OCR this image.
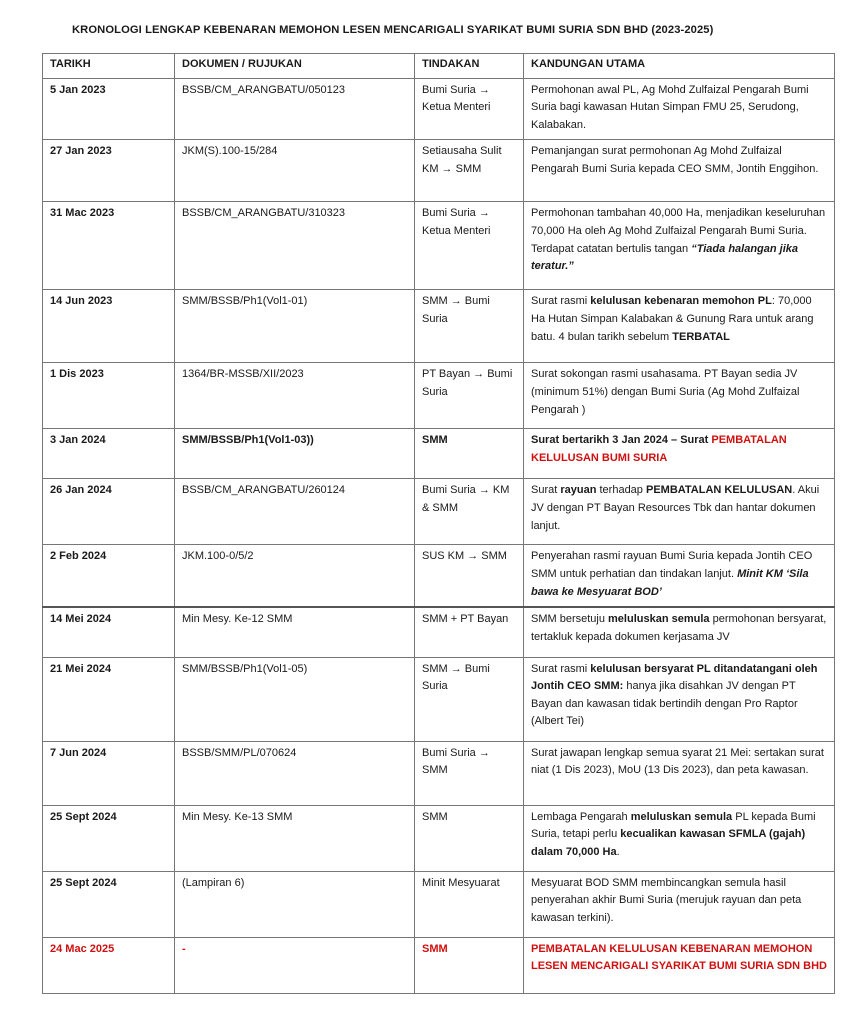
KRONOLOGI LENGKAP KEBENARAN MEMOHON LESEN MENCARIGALI SYARIKAT BUMI SURIA SDN BHD (2023-2025)
TARIKH	DOKUMEN / RUJUKAN	TINDAKAN	KANDUNGAN UTAMA
5 Jan 2023	BSSB/CM_ARANGBATU/050123	Bumi Suria → Ketua Menteri	Permohonan awal PL, Ag Mohd Zulfaizal Pengarah Bumi Suria bagi kawasan Hutan Simpan FMU 25, Serudong, Kalabakan.
27 Jan 2023	JKM(S).100-15/284	Setiausaha Sulit KM → SMM	Pemanjangan surat permohonan Ag Mohd Zulfaizal Pengarah Bumi Suria kepada CEO SMM, Jontih Enggihon.
31 Mac 2023	BSSB/CM_ARANGBATU/310323	Bumi Suria → Ketua Menteri	Permohonan tambahan 40,000 Ha, menjadikan keseluruhan 70,000 Ha oleh Ag Mohd Zulfaizal Pengarah Bumi Suria. Terdapat catatan bertulis tangan “Tiada halangan jika teratur.”
14 Jun 2023	SMM/BSSB/Ph1(Vol1-01)	SMM → Bumi Suria	Surat rasmi kelulusan kebenaran memohon PL: 70,000 Ha Hutan Simpan Kalabakan & Gunung Rara untuk arang batu. 4 bulan tarikh sebelum TERBATAL
1 Dis 2023	1364/BR-MSSB/XII/2023	PT Bayan → Bumi Suria	Surat sokongan rasmi usahasama. PT Bayan sedia JV (minimum 51%) dengan Bumi Suria (Ag Mohd Zulfaizal Pengarah )
3 Jan 2024	SMM/BSSB/Ph1(Vol1-03))	SMM	Surat bertarikh 3 Jan 2024 – Surat PEMBATALAN KELULUSAN BUMI SURIA
26 Jan 2024	BSSB/CM_ARANGBATU/260124	Bumi Suria → KM & SMM	Surat rayuan terhadap PEMBATALAN KELULUSAN. Akui JV dengan PT Bayan Resources Tbk dan hantar dokumen lanjut.
2 Feb 2024	JKM.100-0/5/2	SUS KM → SMM	Penyerahan rasmi rayuan Bumi Suria kepada Jontih CEO SMM untuk perhatian dan tindakan lanjut. Minit KM ‘Sila bawa ke Mesyuarat BOD’
14 Mei 2024	Min Mesy. Ke-12 SMM	SMM + PT Bayan	SMM bersetuju meluluskan semula permohonan bersyarat, tertakluk kepada dokumen kerjasama JV
21 Mei 2024	SMM/BSSB/Ph1(Vol1-05)	SMM → Bumi Suria	Surat rasmi kelulusan bersyarat PL ditandatangani oleh Jontih CEO SMM: hanya jika disahkan JV dengan PT Bayan dan kawasan tidak bertindih dengan Pro Raptor (Albert Tei)
7 Jun 2024	BSSB/SMM/PL/070624	Bumi Suria → SMM	Surat jawapan lengkap semua syarat 21 Mei: sertakan surat niat (1 Dis 2023), MoU (13 Dis 2023), dan peta kawasan.
25 Sept 2024	Min Mesy. Ke-13 SMM	SMM	Lembaga Pengarah meluluskan semula PL kepada Bumi Suria, tetapi perlu kecualikan kawasan SFMLA (gajah) dalam 70,000 Ha.
25 Sept 2024	(Lampiran 6)	Minit Mesyuarat	Mesyuarat BOD SMM membincangkan semula hasil penyerahan akhir Bumi Suria (merujuk rayuan dan peta kawasan terkini).
24 Mac 2025	-	SMM	PEMBATALAN KELULUSAN KEBENARAN MEMOHON LESEN MENCARIGALI SYARIKAT BUMI SURIA SDN BHD
